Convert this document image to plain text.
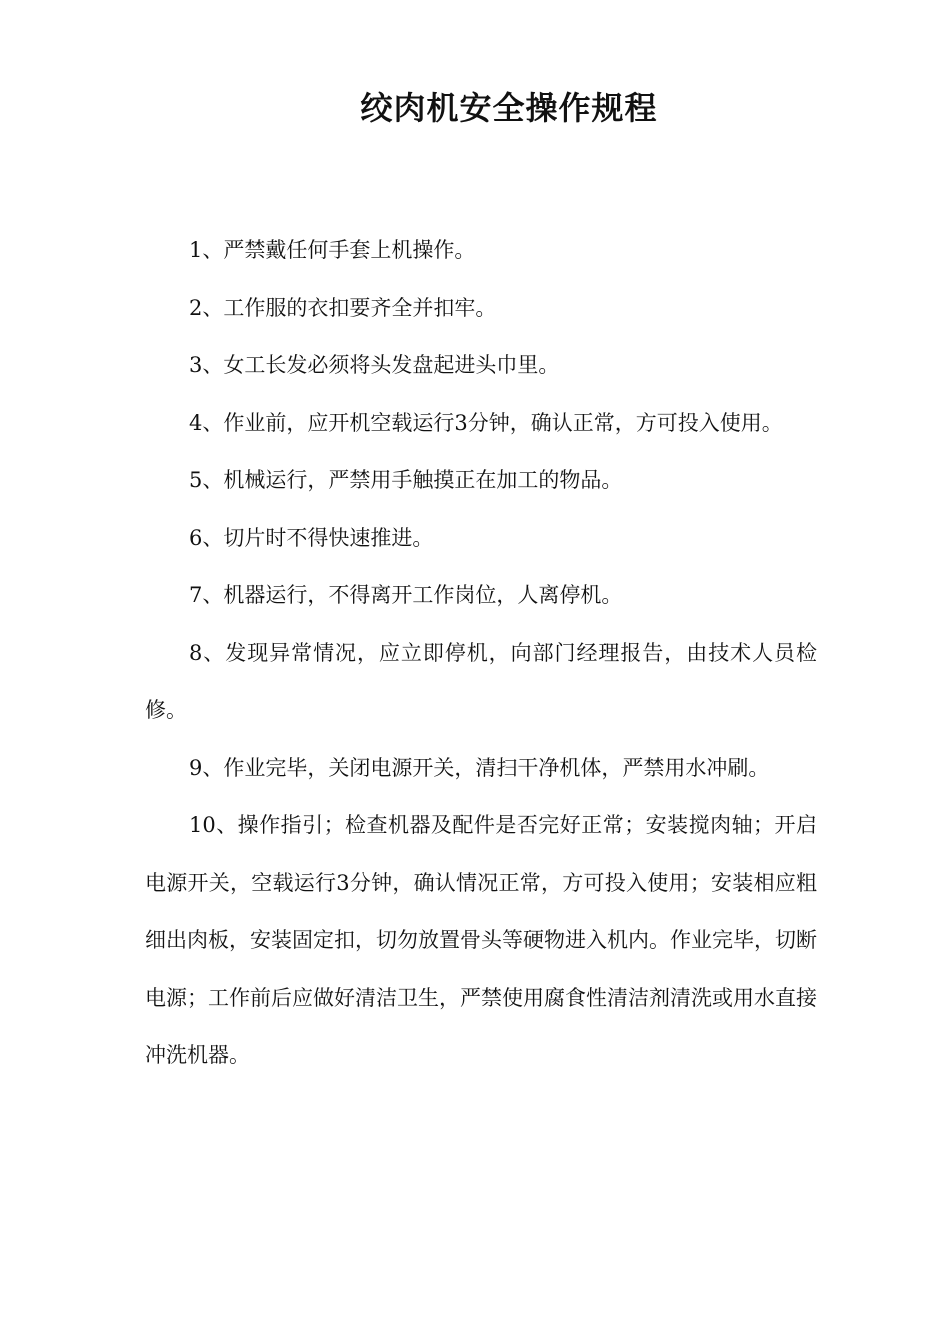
绞肉机安全操作规程

1、严禁戴任何手套上机操作。

2、工作服的衣扣要齐全并扣牢。

3、女工长发必须将头发盘起进头巾里。

4、作业前，应开机空载运行3分钟，确认正常，方可投入使用。

5、机械运行，严禁用手触摸正在加工的物品。

6、切片时不得快速推进。

7、机器运行，不得离开工作岗位，人离停机。

8、发现异常情况，应立即停机，向部门经理报告，由技术人员检修。

9、作业完毕，关闭电源开关，清扫干净机体，严禁用水冲刷。

10、操作指引；检查机器及配件是否完好正常；安装搅肉轴；开启电源开关，空载运行3分钟，确认情况正常，方可投入使用；安装相应粗细出肉板，安装固定扣，切勿放置骨头等硬物进入机内。作业完毕，切断电源；工作前后应做好清洁卫生，严禁使用腐食性清洁剂清洗或用水直接冲洗机器。
